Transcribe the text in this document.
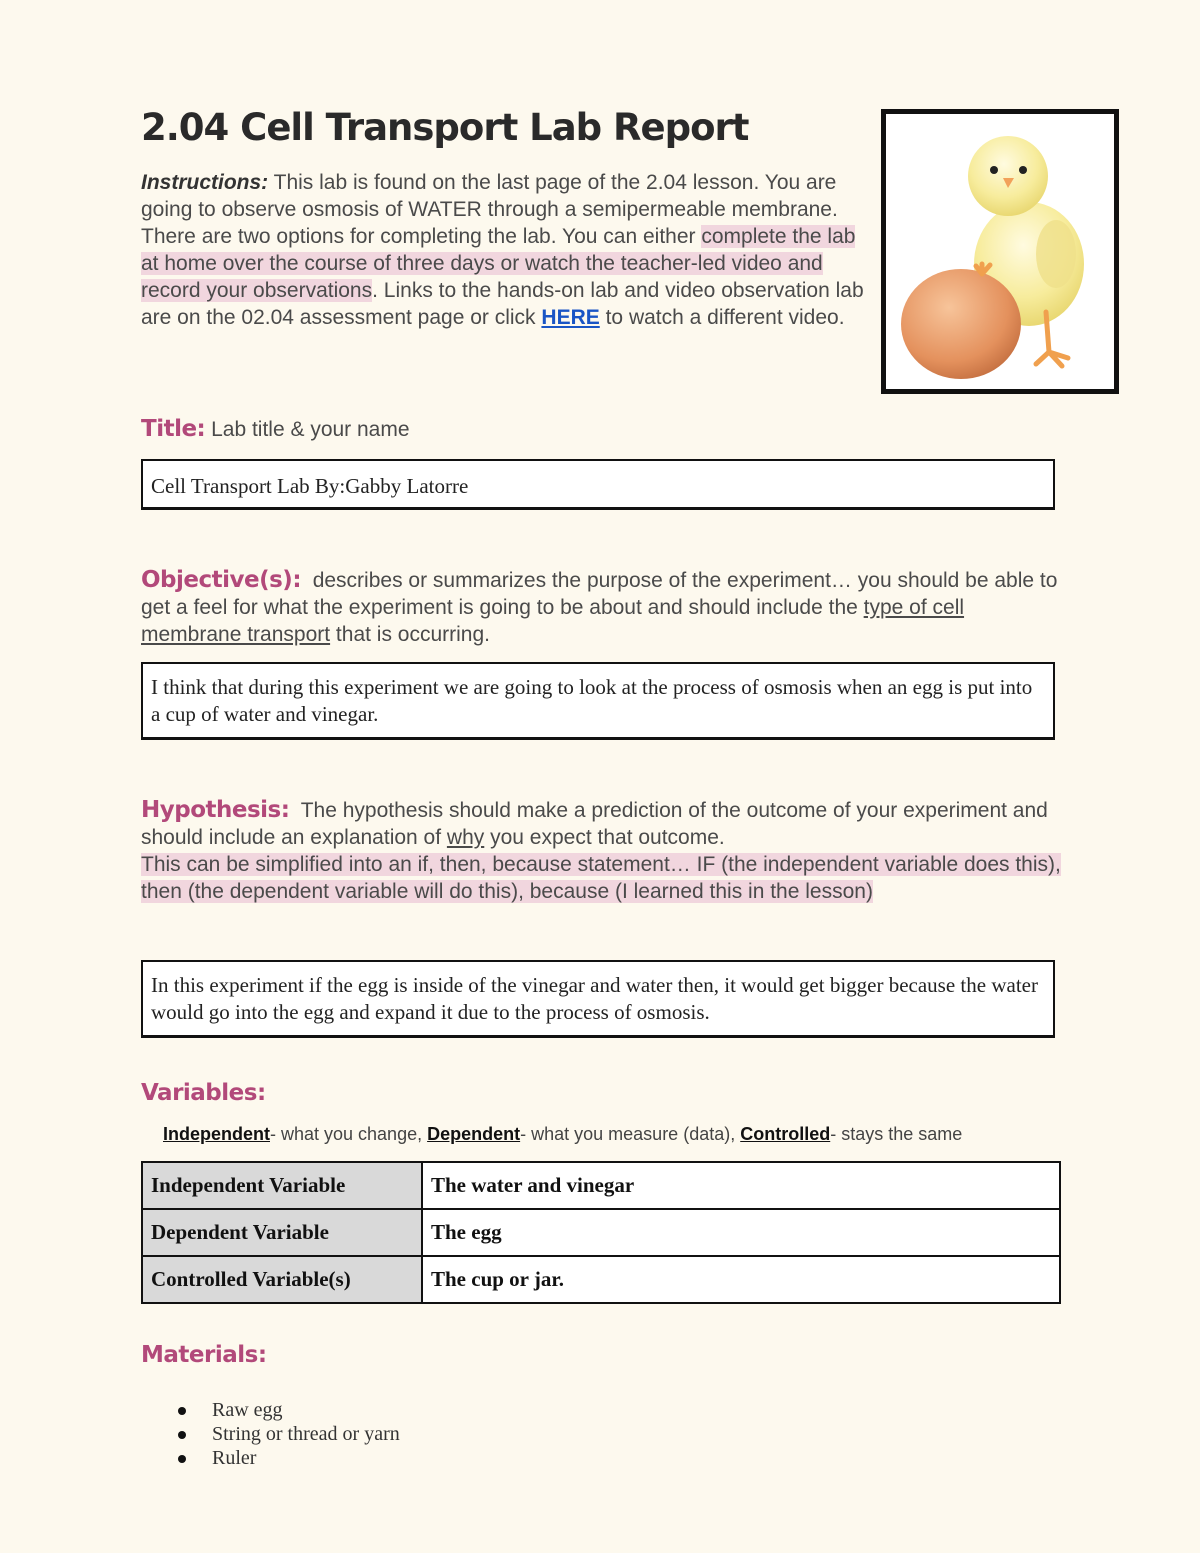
2.04 Cell Transport Lab Report

Instructions: This lab is found on the last page of the 2.04 lesson. You are going to observe osmosis of WATER through a semipermeable membrane. There are two options for completing the lab. You can either complete the lab at home over the course of three days or watch the teacher-led video and record your observations. Links to the hands-on lab and video observation lab are on the 02.04 assessment page or click HERE to watch a different video.

Title: Lab title & your name

Cell Transport Lab By:Gabby Latorre

Objective(s): describes or summarizes the purpose of the experiment… you should be able to get a feel for what the experiment is going to be about and should include the type of cell membrane transport that is occurring.

I think that during this experiment we are going to look at the process of osmosis when an egg is put into a cup of water and vinegar.

Hypothesis: The hypothesis should make a prediction of the outcome of your experiment and should include an explanation of why you expect that outcome.
This can be simplified into an if, then, because statement… IF (the independent variable does this), then (the dependent variable will do this), because (I learned this in the lesson)

In this experiment if the egg is inside of the vinegar and water then, it would get bigger because the water would go into the egg and expand it due to the process of osmosis.

Variables:

Independent- what you change, Dependent- what you measure (data), Controlled- stays the same
Independent Variable	The water and vinegar
Dependent Variable	The egg
Controlled Variable(s)	The cup or jar.

Materials:

Raw egg
String or thread or yarn
Ruler
